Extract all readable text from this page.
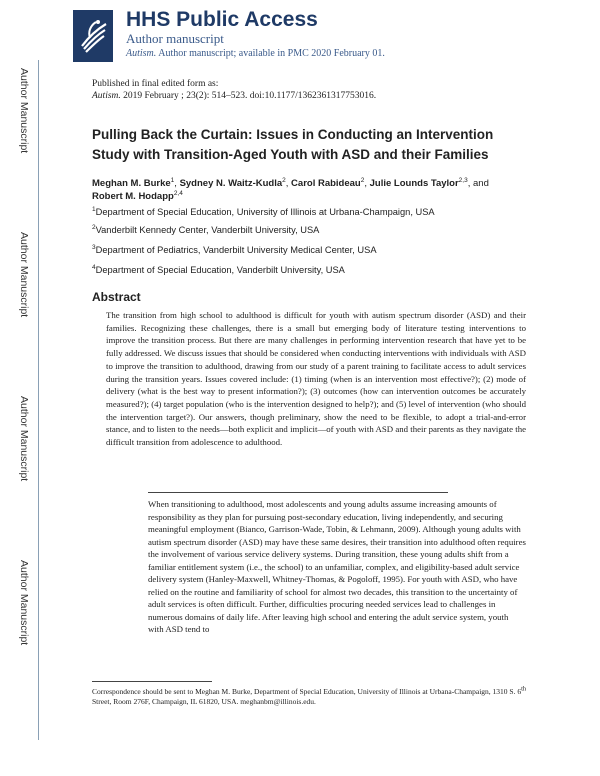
Author Manuscript
Author Manuscript
Author Manuscript
Author Manuscript
HHS Public Access
Author manuscript
Autism. Author manuscript; available in PMC 2020 February 01.
Published in final edited form as:
Autism. 2019 February ; 23(2): 514–523. doi:10.1177/1362361317753016.
Pulling Back the Curtain: Issues in Conducting an Intervention Study with Transition-Aged Youth with ASD and their Families
Meghan M. Burke$^1$, Sydney N. Waitz-Kudla$^2$, Carol Rabideau$^2$, Julie Lounds Taylor$^{2,3}$, and
Robert M. Hodapp$^{2,4}$
$^1$Department of Special Education, University of Illinois at Urbana-Champaign, USA
$^2$Vanderbilt Kennedy Center, Vanderbilt University, USA
$^3$Department of Pediatrics, Vanderbilt University Medical Center, USA
$^4$Department of Special Education, Vanderbilt University, USA
Abstract
The transition from high school to adulthood is difficult for youth with autism spectrum disorder (ASD) and their families. Recognizing these challenges, there is a small but emerging body of literature testing interventions to improve the transition process. But there are many challenges in performing intervention research that have yet to be fully addressed. We discuss issues that should be considered when conducting interventions with individuals with ASD to improve the transition to adulthood, drawing from our study of a parent training to facilitate access to adult services during the transition years. Issues covered include: (1) timing (when is an intervention most effective?); (2) mode of delivery (what is the best way to present information?); (3) outcomes (how can intervention outcomes be accurately measured?); (4) target population (who is the intervention designed to help?); and (5) level of intervention (who should the intervention target?). Our answers, though preliminary, show the need to be flexible, to adopt a trial-and-error stance, and to listen to the needs—both explicit and implicit—of youth with ASD and their parents as they navigate the difficult transition from adolescence to adulthood.
When transitioning to adulthood, most adolescents and young adults assume increasing amounts of responsibility as they plan for pursuing post-secondary education, living independently, and securing meaningful employment (Bianco, Garrison-Wade, Tobin, & Lehmann, 2009). Although young adults with autism spectrum disorder (ASD) may have these same desires, their transition into adulthood often requires the involvement of various service delivery systems. During transition, these young adults shift from a familiar entitlement system (i.e., the school) to an unfamiliar, complex, and eligibility-based adult service delivery system (Hanley-Maxwell, Whitney-Thomas, & Pogoloff, 1995). For youth with ASD, who have relied on the routine and familiarity of school for almost two decades, this transition to the uncertainty of adult services is often difficult. Further, difficulties procuring needed services lead to challenges in numerous domains of daily life. After leaving high school and entering the adult service system, youth with ASD tend to
Correspondence should be sent to Meghan M. Burke, Department of Special Education, University of Illinois at Urbana-Champaign, 1310 S. 6th Street, Room 276F, Champaign, IL 61820, USA. meghanbm@illinois.edu.
